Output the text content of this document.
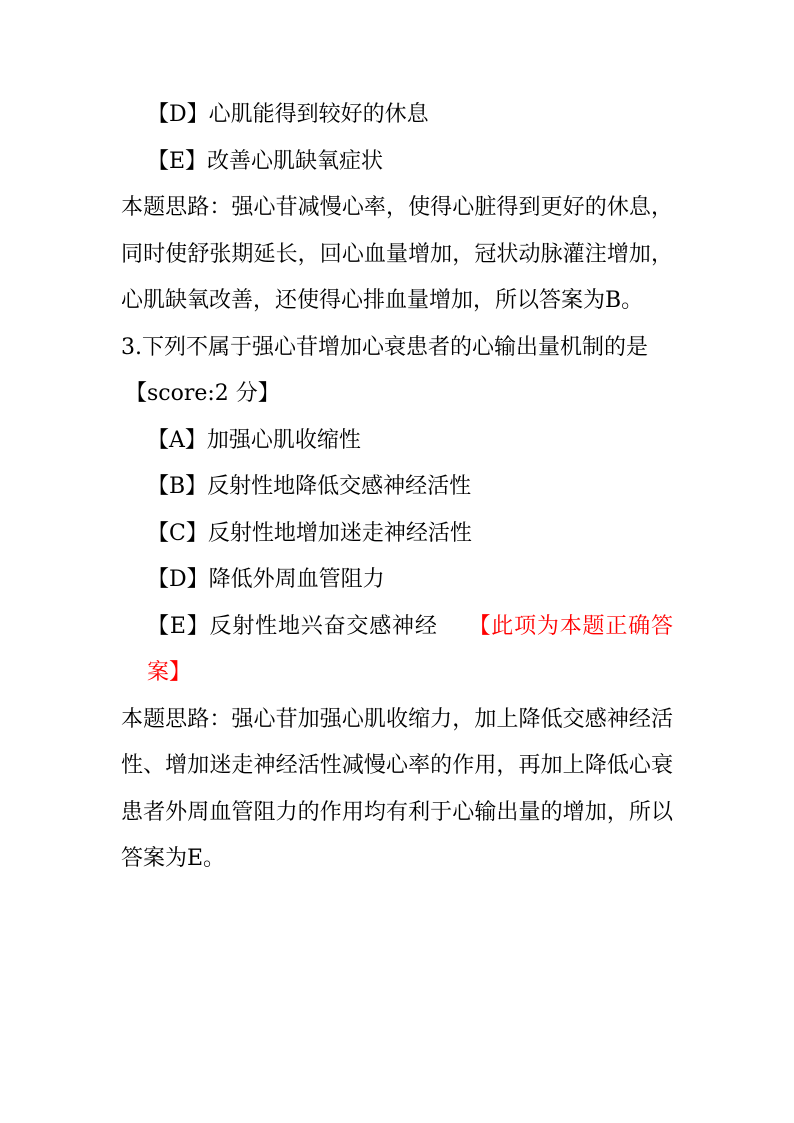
【D】心肌能得到较好的休息
【E】改善心肌缺氧症状
本题思路：强心苷减慢心率，使得心脏得到更好的休息，同时使舒张期延长，回心血量增加，冠状动脉灌注增加，心肌缺氧改善，还使得心排血量增加，所以答案为B。
3.下列不属于强心苷增加心衰患者的心输出量机制的是
【score:2 分】
【A】加强心肌收缩性
【B】反射性地降低交感神经活性
【C】反射性地增加迷走神经活性
【D】降低外周血管阻力
【E】反射性地兴奋交感神经 【此项为本题正确答案】
本题思路：强心苷加强心肌收缩力，加上降低交感神经活性、增加迷走神经活性减慢心率的作用，再加上降低心衰患者外周血管阻力的作用均有利于心输出量的增加，所以答案为E。
